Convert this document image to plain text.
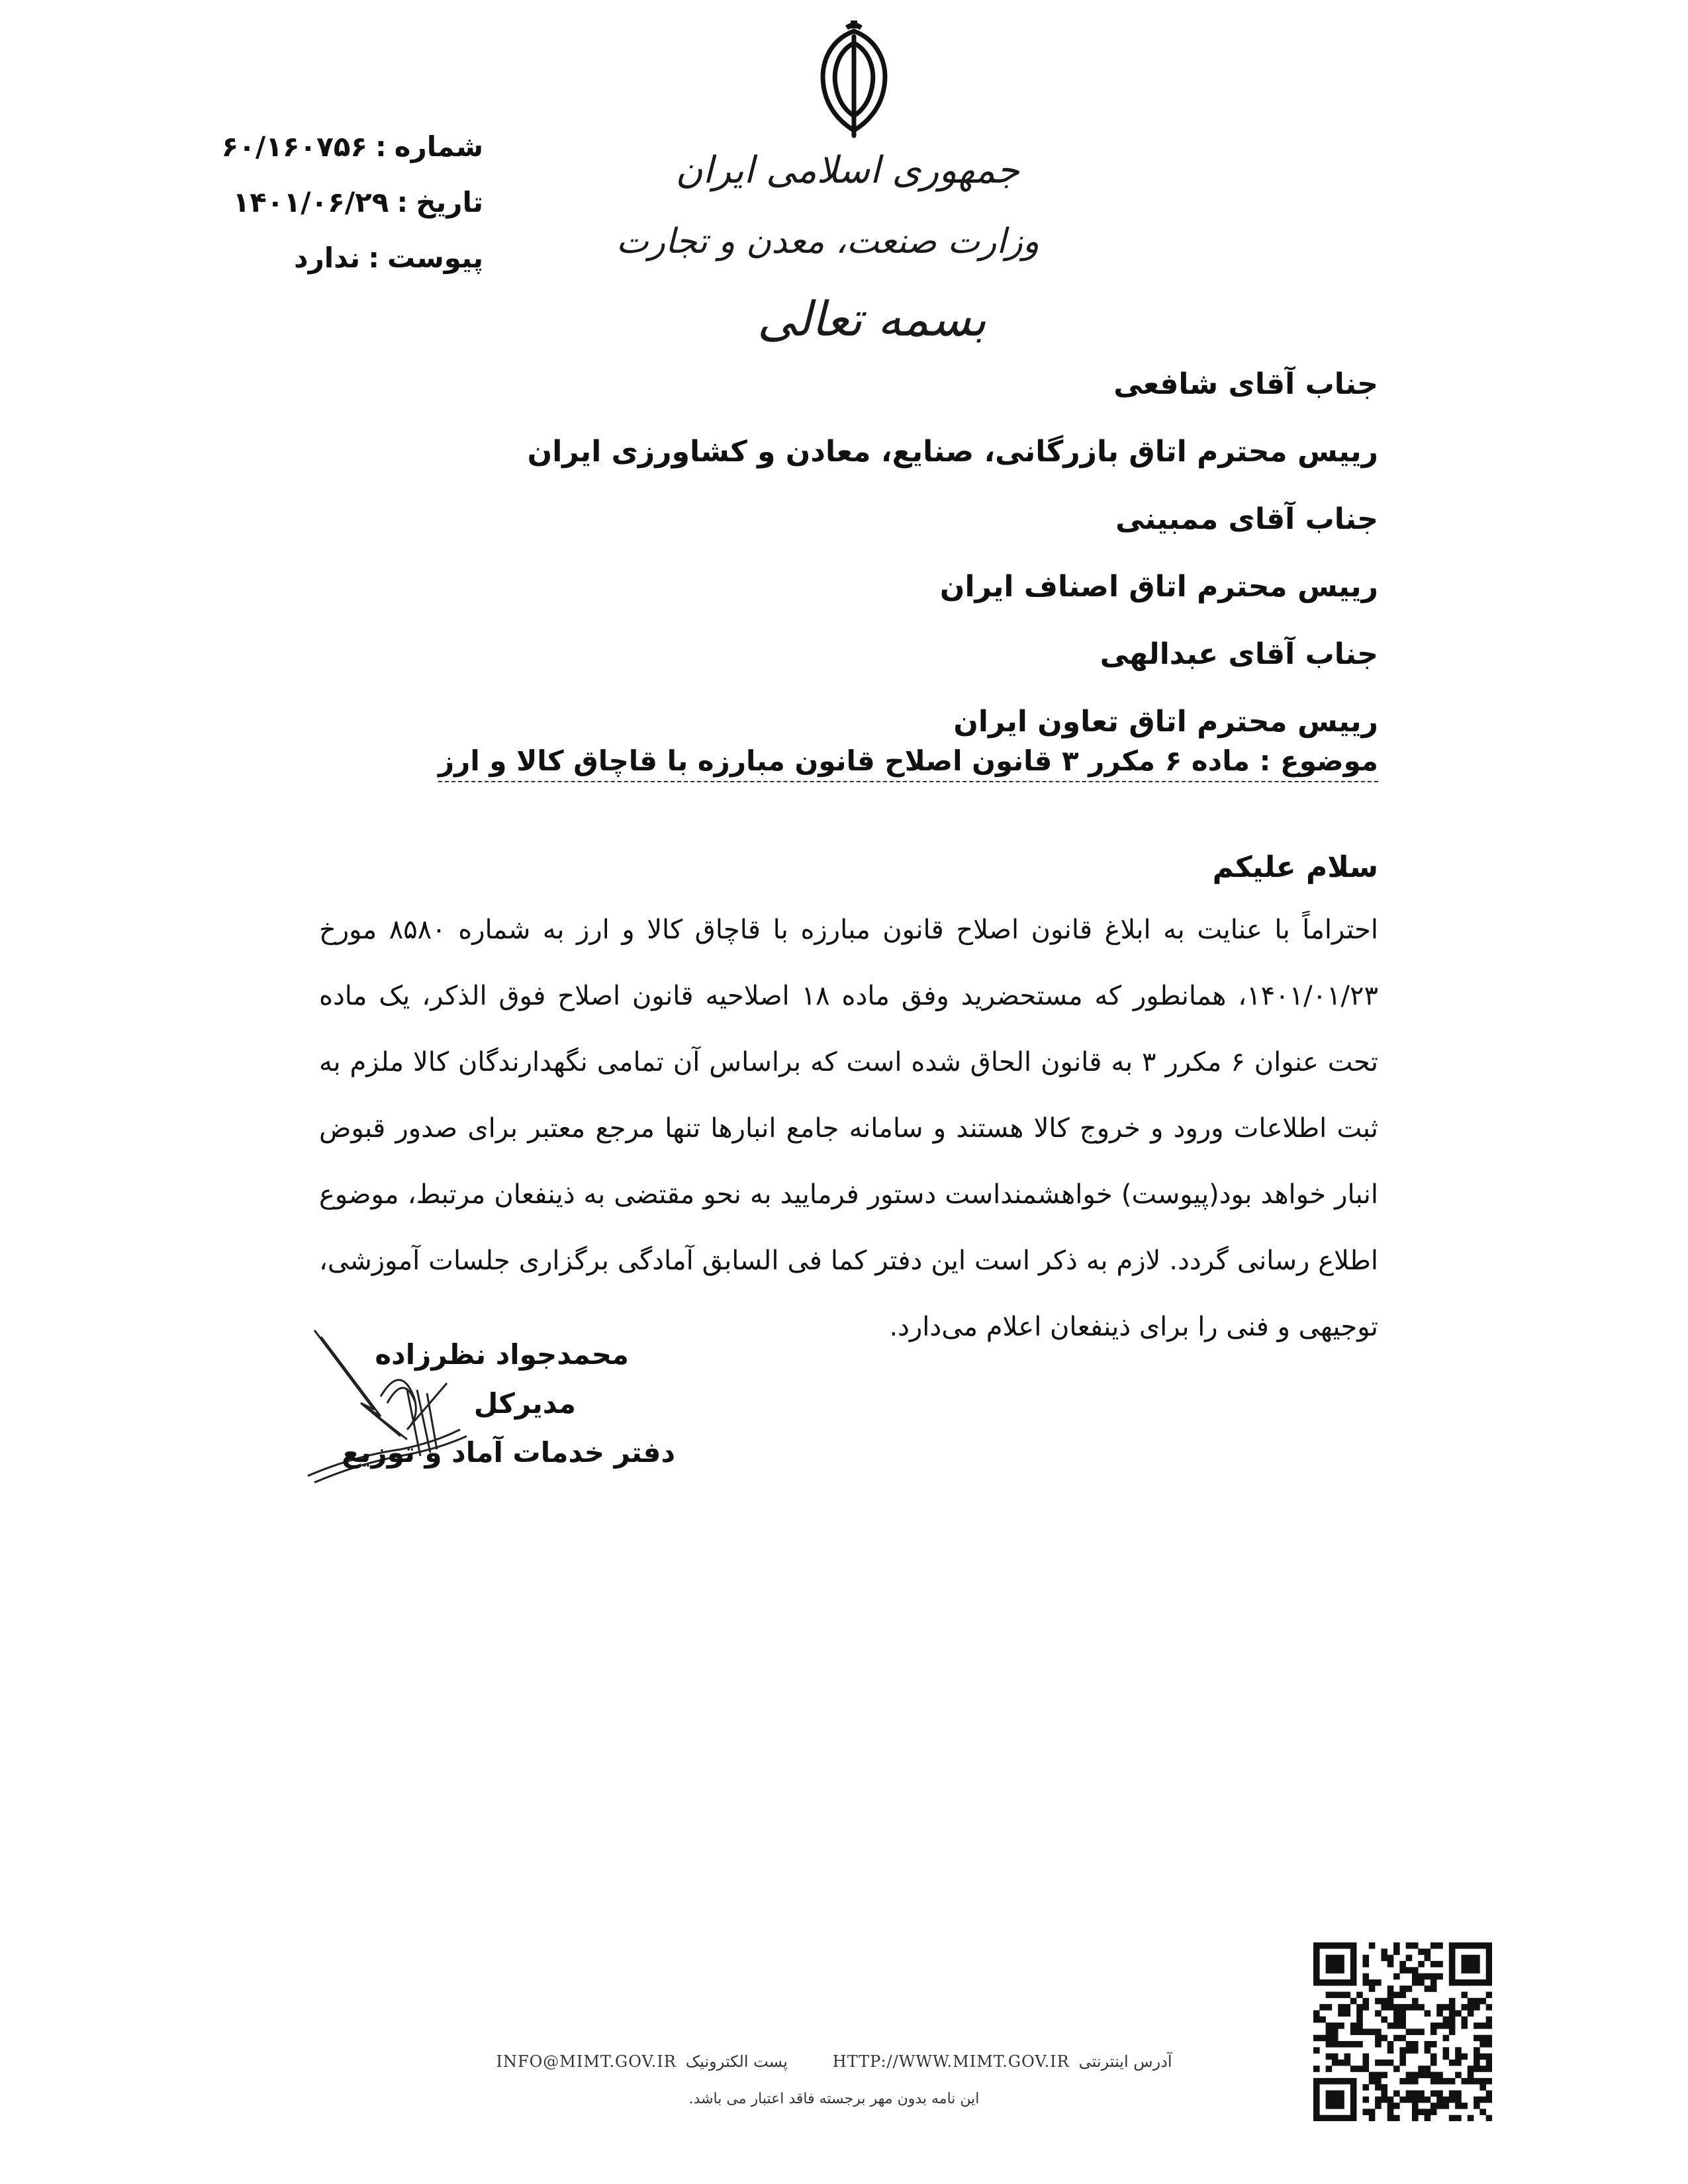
جمهوری اسلامی ایران
وزارت صنعت، معدن و تجارت
بسمه تعالی
شماره
:
۶۰/۱۶۰۷۵۶
تاریخ
:
۱۴۰۱/۰۶/۲۹
پیوست
:
ندارد
جناب آقای شافعی
رییس محترم اتاق بازرگانی، صنایع، معادن و کشاورزی ایران
جناب آقای ممبینی
رییس محترم اتاق اصناف ایران
جناب آقای عبدالهی
رییس محترم اتاق تعاون ایران
موضوع : ماده ۶ مکرر ۳ قانون اصلاح قانون مبارزه با قاچاق کالا و ارز
سلام علیکم
احتراماً با عنایت به ابلاغ قانون اصلاح قانون مبارزه با قاچاق کالا و ارز به شماره ۸۵۸۰ مورخ ۱۴۰۱/۰۱/۲۳، همانطور که مستحضرید وفق ماده ۱۸ اصلاحیه قانون اصلاح فوق الذکر، یک ماده تحت عنوان ۶ مکرر ۳ به قانون الحاق شده است که براساس آن تمامی نگهدارندگان کالا ملزم به ثبت اطلاعات ورود و خروج کالا هستند و سامانه جامع انبارها تنها مرجع معتبر برای صدور قبوض انبار خواهد بود(پیوست) خواهشمنداست دستور فرمایید به نحو مقتضی به ذینفعان مرتبط، موضوع اطلاع رسانی گردد. لازم به ذکر است این دفتر کما فی السابق آمادگی برگزاری جلسات آموزشی، توجیهی و فنی را برای ذینفعان اعلام می‌دارد.
محمدجواد نظرزاده
مدیرکل
دفتر خدمات آماد و توزیع
آدرس اینترنتی
HTTP://WWW.MIMT.GOV.IR
پست الکترونیک
INFO@MIMT.GOV.IR
این نامه بدون مهر برجسته فاقد اعتبار می باشد.
